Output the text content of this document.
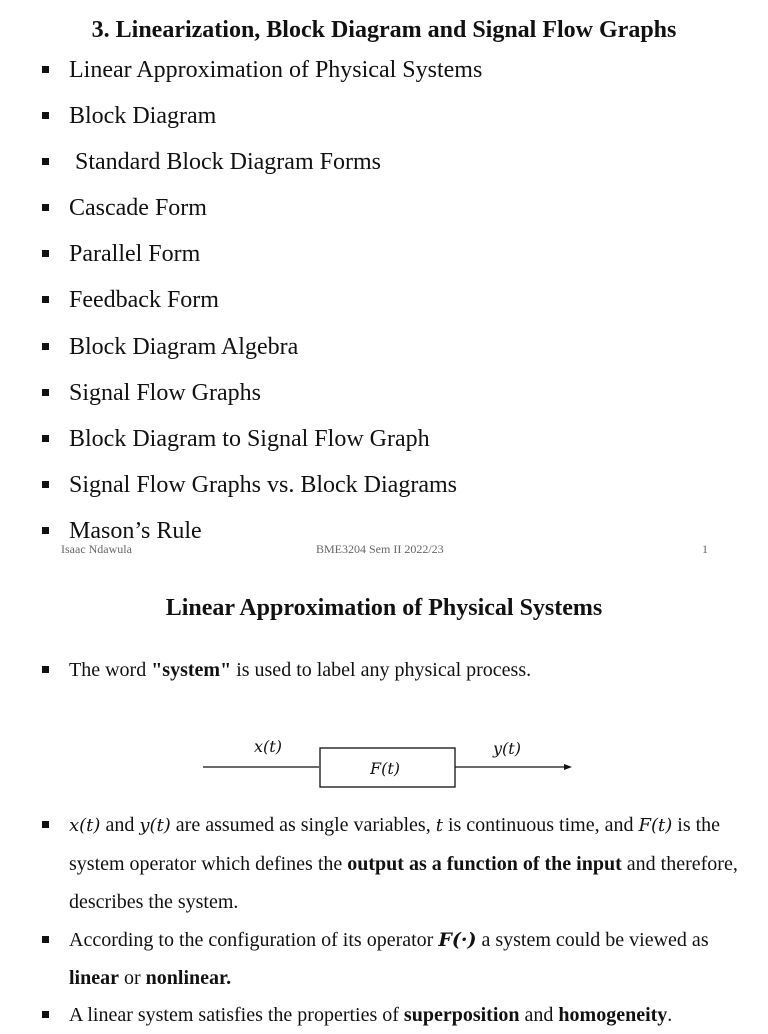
3. Linearization, Block Diagram and Signal Flow Graphs
Linear Approximation of Physical Systems
Block Diagram
Standard Block Diagram Forms
Cascade Form
Parallel Form
Feedback Form
Block Diagram Algebra
Signal Flow Graphs
Block Diagram to Signal Flow Graph
Signal Flow Graphs vs. Block Diagrams
Mason’s Rule
Isaac Ndawula	BME3204 Sem II 2022/23	1
Linear Approximation of Physical Systems
The word "system" is used to label any physical process.
x(t)
F(t)
y(t)
x(t) and y(t) are assumed as single variables, t is continuous time, and F(t) is the system operator which defines the output as a function of the input and therefore, describes the system.
According to the configuration of its operator F(·) a system could be viewed as linear or nonlinear.
A linear system satisfies the properties of superposition and homogeneity.
